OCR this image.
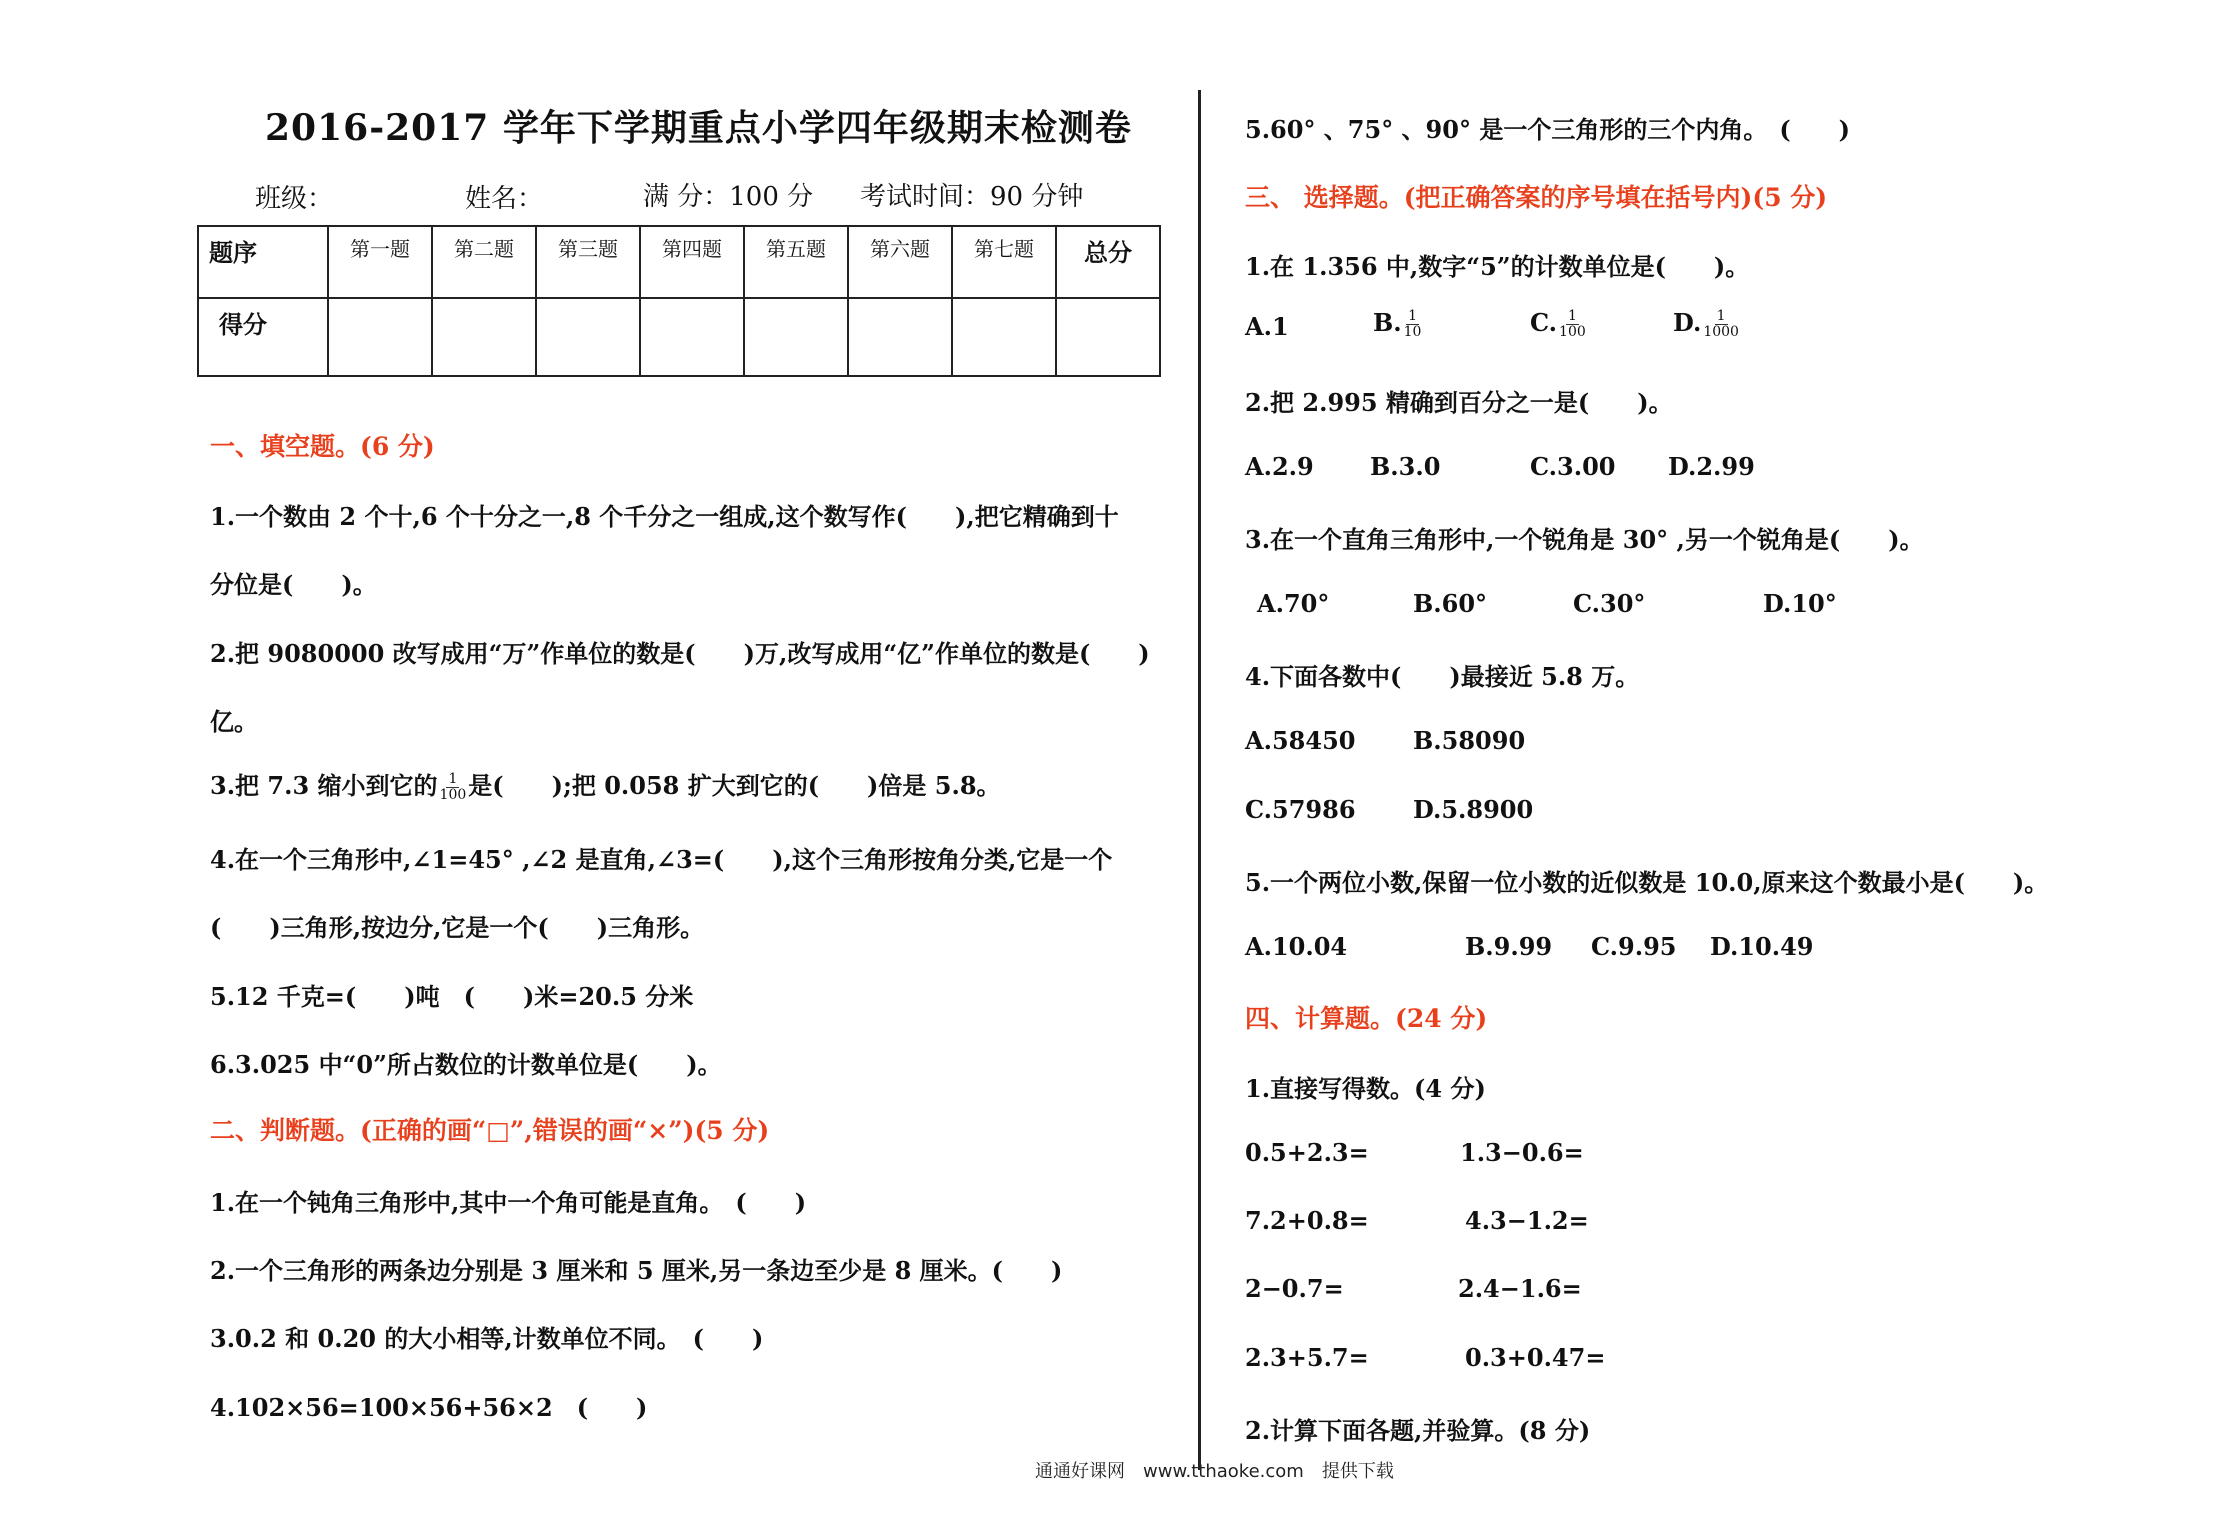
2016-2017 学年下学期重点小学四年级期末检测卷
班级：	姓名：	满 分：100 分 考试时间：90 分钟
题序	第一题	第二题	第三题	第四题	第五题	第六题	第七题	总分
得分								
一、填空题。(6 分)
1.一个数由 2 个十,6 个十分之一,8 个千分之一组成,这个数写作(　　),把它精确到十
分位是(　　)。
2.把 9080000 改写成用“万”作单位的数是(　　)万,改写成用“亿”作单位的数是(　　)
亿。
3.把 7.3 缩小到它的 $\frac{1}{100}$ 是(　　);把 0.058 扩大到它的(　　)倍是 5.8。
4.在一个三角形中,∠1=45° ,∠2 是直角,∠3=(　　),这个三角形按角分类,它是一个
(　　)三角形,按边分,它是一个(　　)三角形。
5.12 千克=(　　)吨　(　　)米=20.5 分米
6.3.025 中“0”所占数位的计数单位是(　　)。
二、判断题。(正确的画“□”,错误的画“×”)(5 分)
1.在一个钝角三角形中,其中一个角可能是直角。　(　　)
2.一个三角形的两条边分别是 3 厘米和 5 厘米,另一条边至少是 8 厘米。(　　)
3.0.2 和 0.20 的大小相等,计数单位不同。　(　　)
4.102×56=100×56+56×2　(　　)
5.60° 、75° 、90° 是一个三角形的三个内角。　(　　)
三、 选择题。(把正确答案的序号填在括号内)(5 分)
1.在 1.356 中,数字“5”的计数单位是(　　)。
A.1	B. $\frac{1}{10}$	C. $\frac{1}{100}$	D. $\frac{1}{1000}$
2.把 2.995 精确到百分之一是(　　)。
A.2.9 B.3.0	C.3.00 D.2.99
3.在一个直角三角形中,一个锐角是 30° ,另一个锐角是(　　)。
A.70°	B.60°	C.30°	D.10°
4.下面各数中(　　)最接近 5.8 万。
A.58450 B.58090
C.57986 D.5.8900
5.一个两位小数,保留一位小数的近似数是 10.0,原来这个数最小是(　　)。
A.10.04	B.9.99 C.9.95 D.10.49
四、计算题。(24 分)
1.直接写得数。(4 分)
0.5+2.3=	1.3−0.6=
7.2+0.8=	4.3−1.2=
2−0.7=	2.4−1.6=
2.3+5.7=	0.3+0.47=
2.计算下面各题,并验算。(8 分)
通通好课网　www.tthaoke.com　提供下载
